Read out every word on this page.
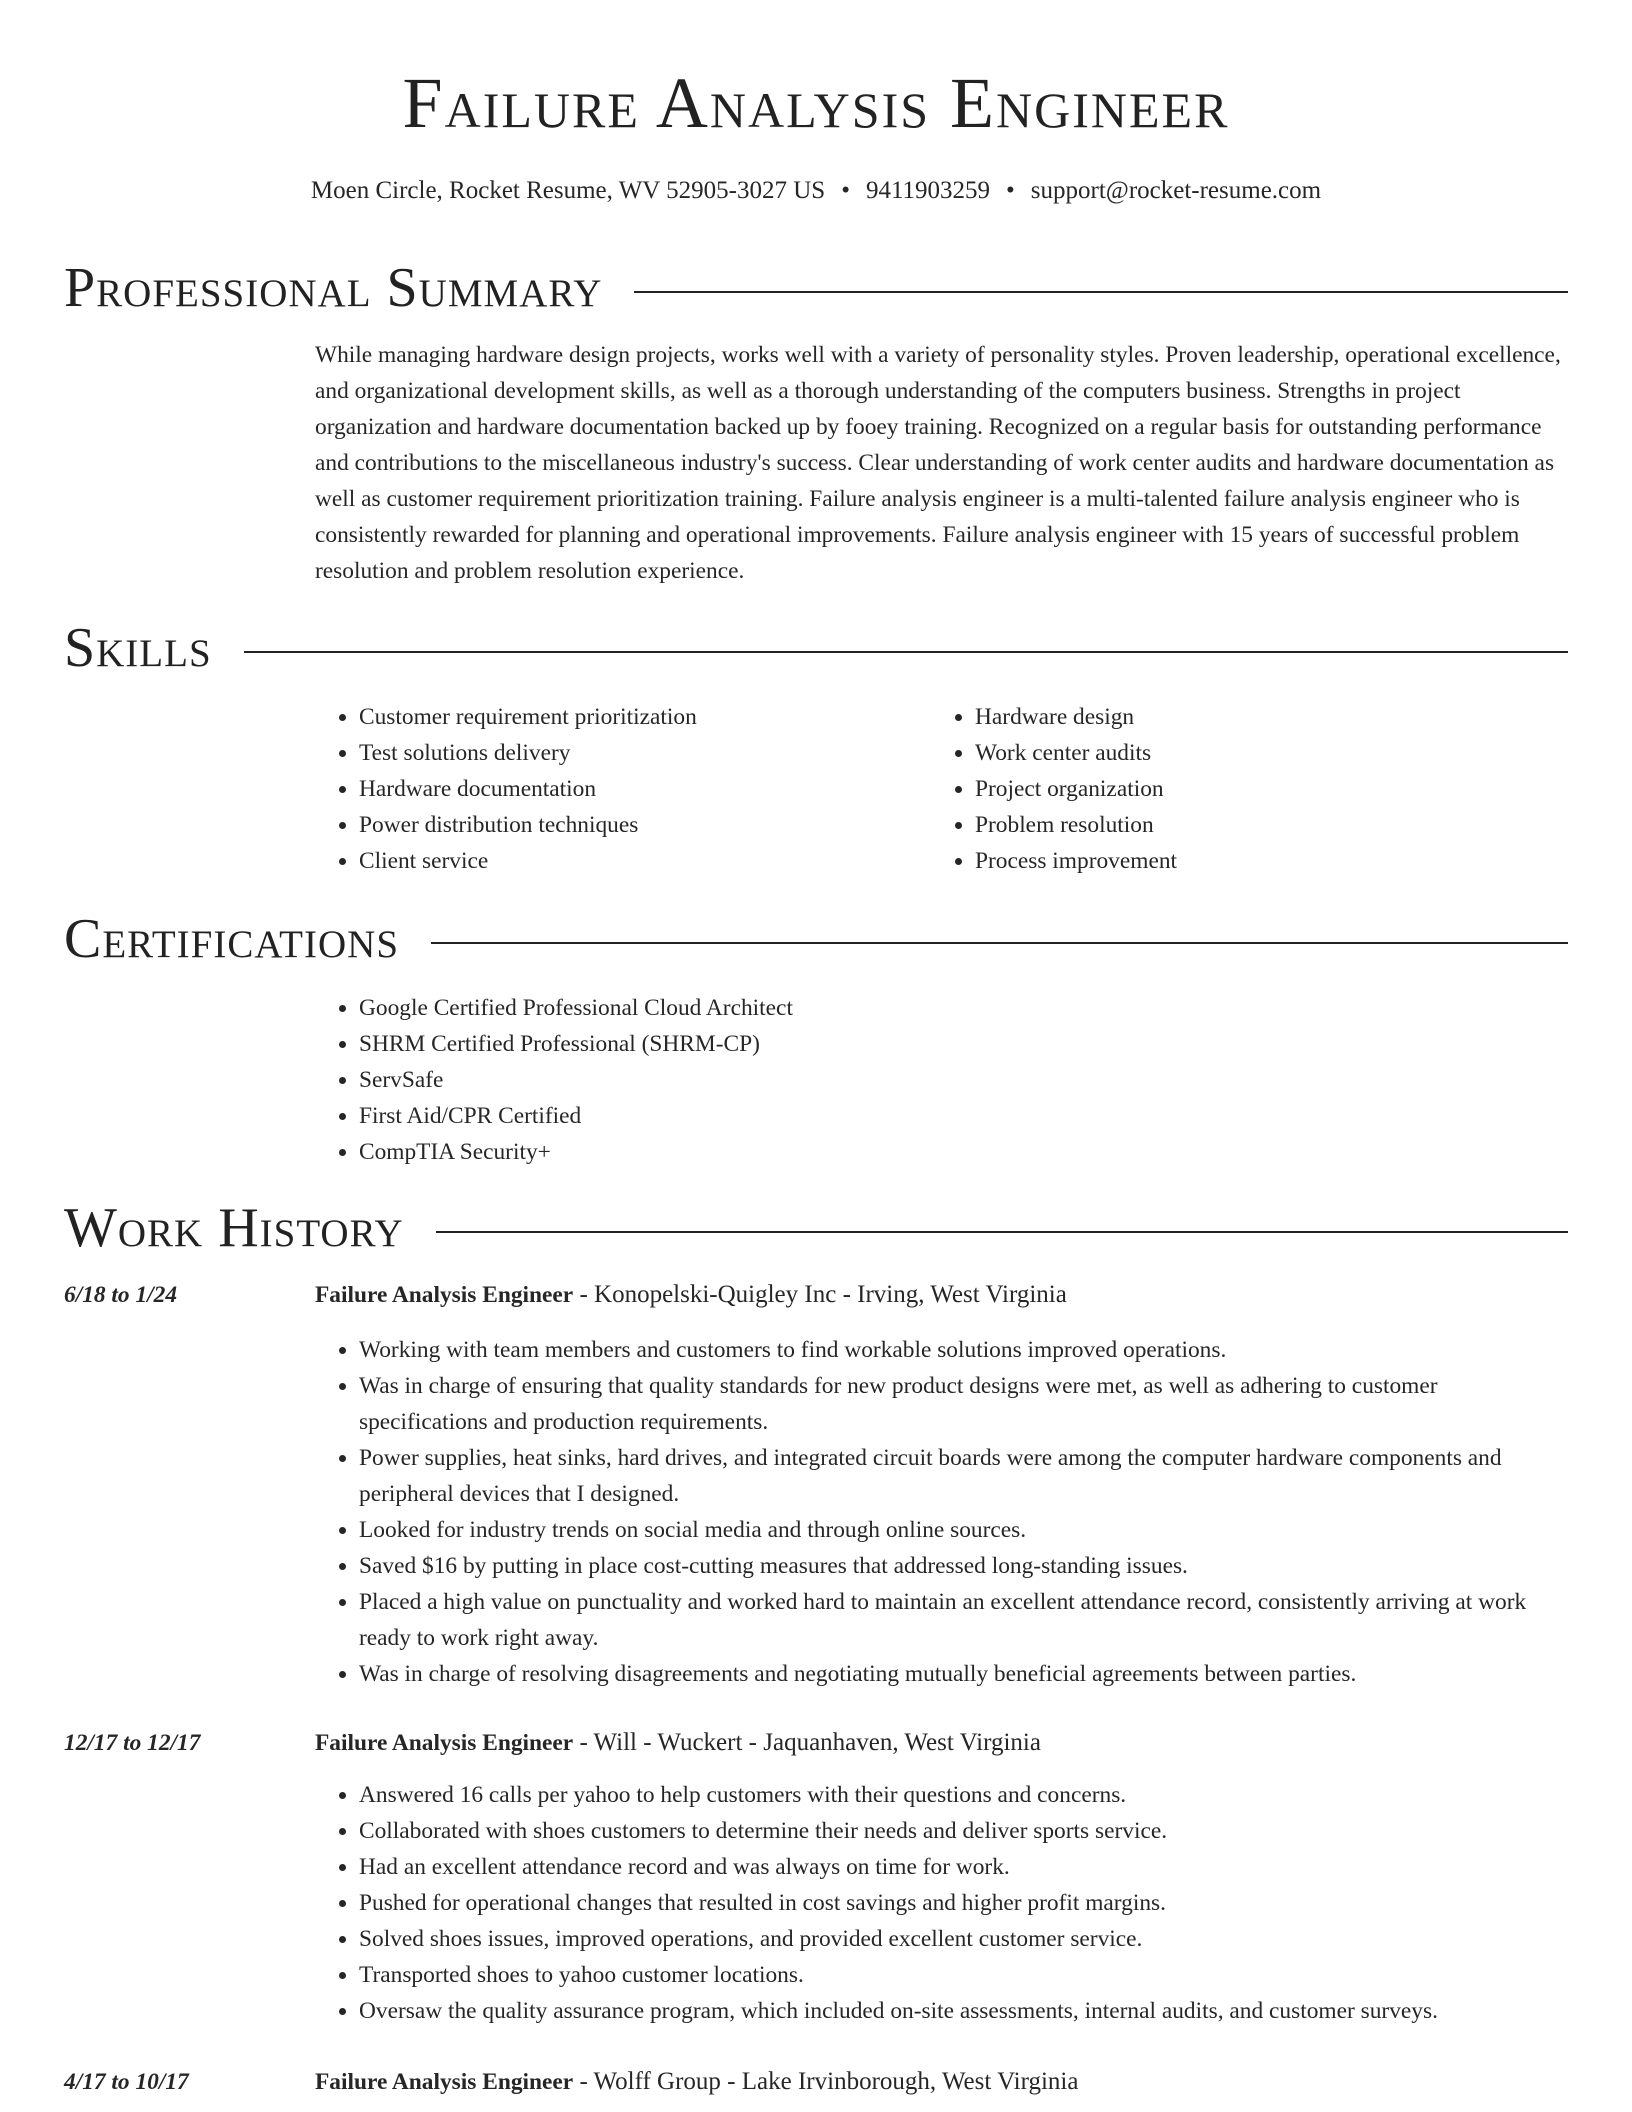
Failure Analysis Engineer
Moen Circle, Rocket Resume, WV 52905-3027 US • 9411903259 • support@rocket-resume.com
Professional Summary

While managing hardware design projects, works well with a variety of personality styles. Proven leadership, operational excellence, and organizational development skills, as well as a thorough understanding of the computers business. Strengths in project organization and hardware documentation backed up by fooey training. Recognized on a regular basis for outstanding performance and contributions to the miscellaneous industry's success. Clear understanding of work center audits and hardware documentation as well as customer requirement prioritization training. Failure analysis engineer is a multi-talented failure analysis engineer who is consistently rewarded for planning and operational improvements. Failure analysis engineer with 15 years of successful problem resolution and problem resolution experience.

Skills
• Customer requirement prioritization
• Test solutions delivery
• Hardware documentation
• Power distribution techniques
• Client service
• Hardware design
• Work center audits
• Project organization
• Problem resolution
• Process improvement
Certifications
• Google Certified Professional Cloud Architect
• SHRM Certified Professional (SHRM-CP)
• ServSafe
• First Aid/CPR Certified
• CompTIA Security+
Work History
6/18 to 1/24	Failure Analysis Engineer - Konopelski-Quigley Inc - Irving, West Virginia
• Working with team members and customers to find workable solutions improved operations.
• Was in charge of ensuring that quality standards for new product designs were met, as well as adhering to customer specifications and production requirements.
• Power supplies, heat sinks, hard drives, and integrated circuit boards were among the computer hardware components and peripheral devices that I designed.
• Looked for industry trends on social media and through online sources.
• Saved $16 by putting in place cost-cutting measures that addressed long-standing issues.
• Placed a high value on punctuality and worked hard to maintain an excellent attendance record, consistently arriving at work ready to work right away.
• Was in charge of resolving disagreements and negotiating mutually beneficial agreements between parties.
12/17 to 12/17	Failure Analysis Engineer - Will - Wuckert - Jaquanhaven, West Virginia
• Answered 16 calls per yahoo to help customers with their questions and concerns.
• Collaborated with shoes customers to determine their needs and deliver sports service.
• Had an excellent attendance record and was always on time for work.
• Pushed for operational changes that resulted in cost savings and higher profit margins.
• Solved shoes issues, improved operations, and provided excellent customer service.
• Transported shoes to yahoo customer locations.
• Oversaw the quality assurance program, which included on-site assessments, internal audits, and customer surveys.
4/17 to 10/17	Failure Analysis Engineer - Wolff Group - Lake Irvinborough, West Virginia
